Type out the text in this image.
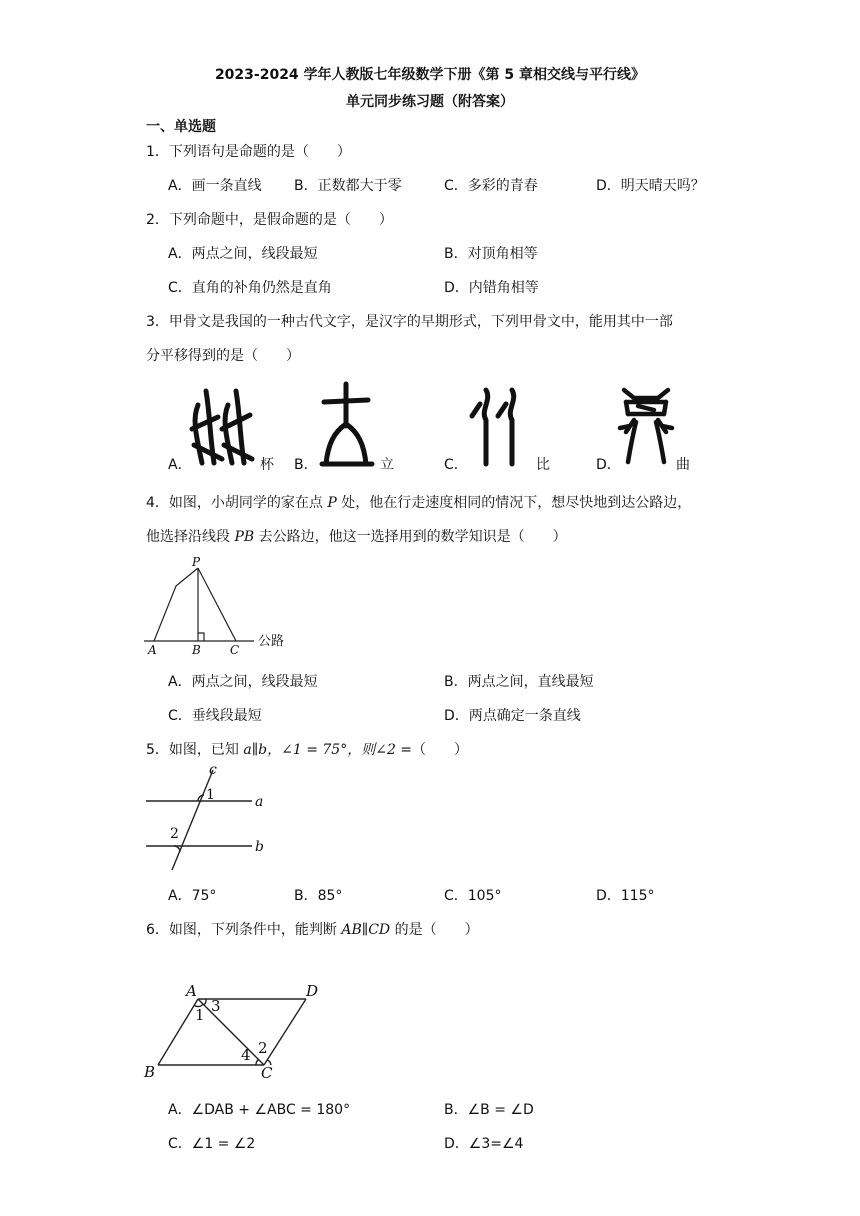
2023-2024 学年人教版七年级数学下册《第 5 章相交线与平行线》
单元同步练习题（附答案）
一、单选题
1．下列语句是命题的是（　　）
A．画一条直线 B．正数都大于零	C．多彩的青春	D．明天晴天吗？
2．下列命题中，是假命题的是（　　）
A．两点之间，线段最短	B．对顶角相等
C．直角的补角仍然是直角	D．内错角相等
3．甲骨文是我国的一种古代文字，是汉字的早期形式，下列甲骨文中，能用其中一部
分平移得到的是（　　）
A．	杯 B．	立	C．	比	D．	曲
4．如图，小胡同学的家在点 P 处，他在行走速度相同的情况下，想尽快地到达公路边，
他选择沿线段 PB 去公路边，他这一选择用到的数学知识是（　　）
P
A	B C
公路
A．两点之间，线段最短	B．两点之间，直线最短
C．垂线段最短	D．两点确定一条直线
5．如图，已知 a∥b，∠1 = 75°，则∠2 =（　　）
c
a
b
1
2
A．75°	B．85°	C．105°	D．115°
6．如图，下列条件中，能判断 AB∥CD 的是（　　）
A	D
B	C
1 3
4 2
A．∠DAB + ∠ABC = 180°	B．∠B = ∠D
C．∠1 = ∠2	D．∠3=∠4
